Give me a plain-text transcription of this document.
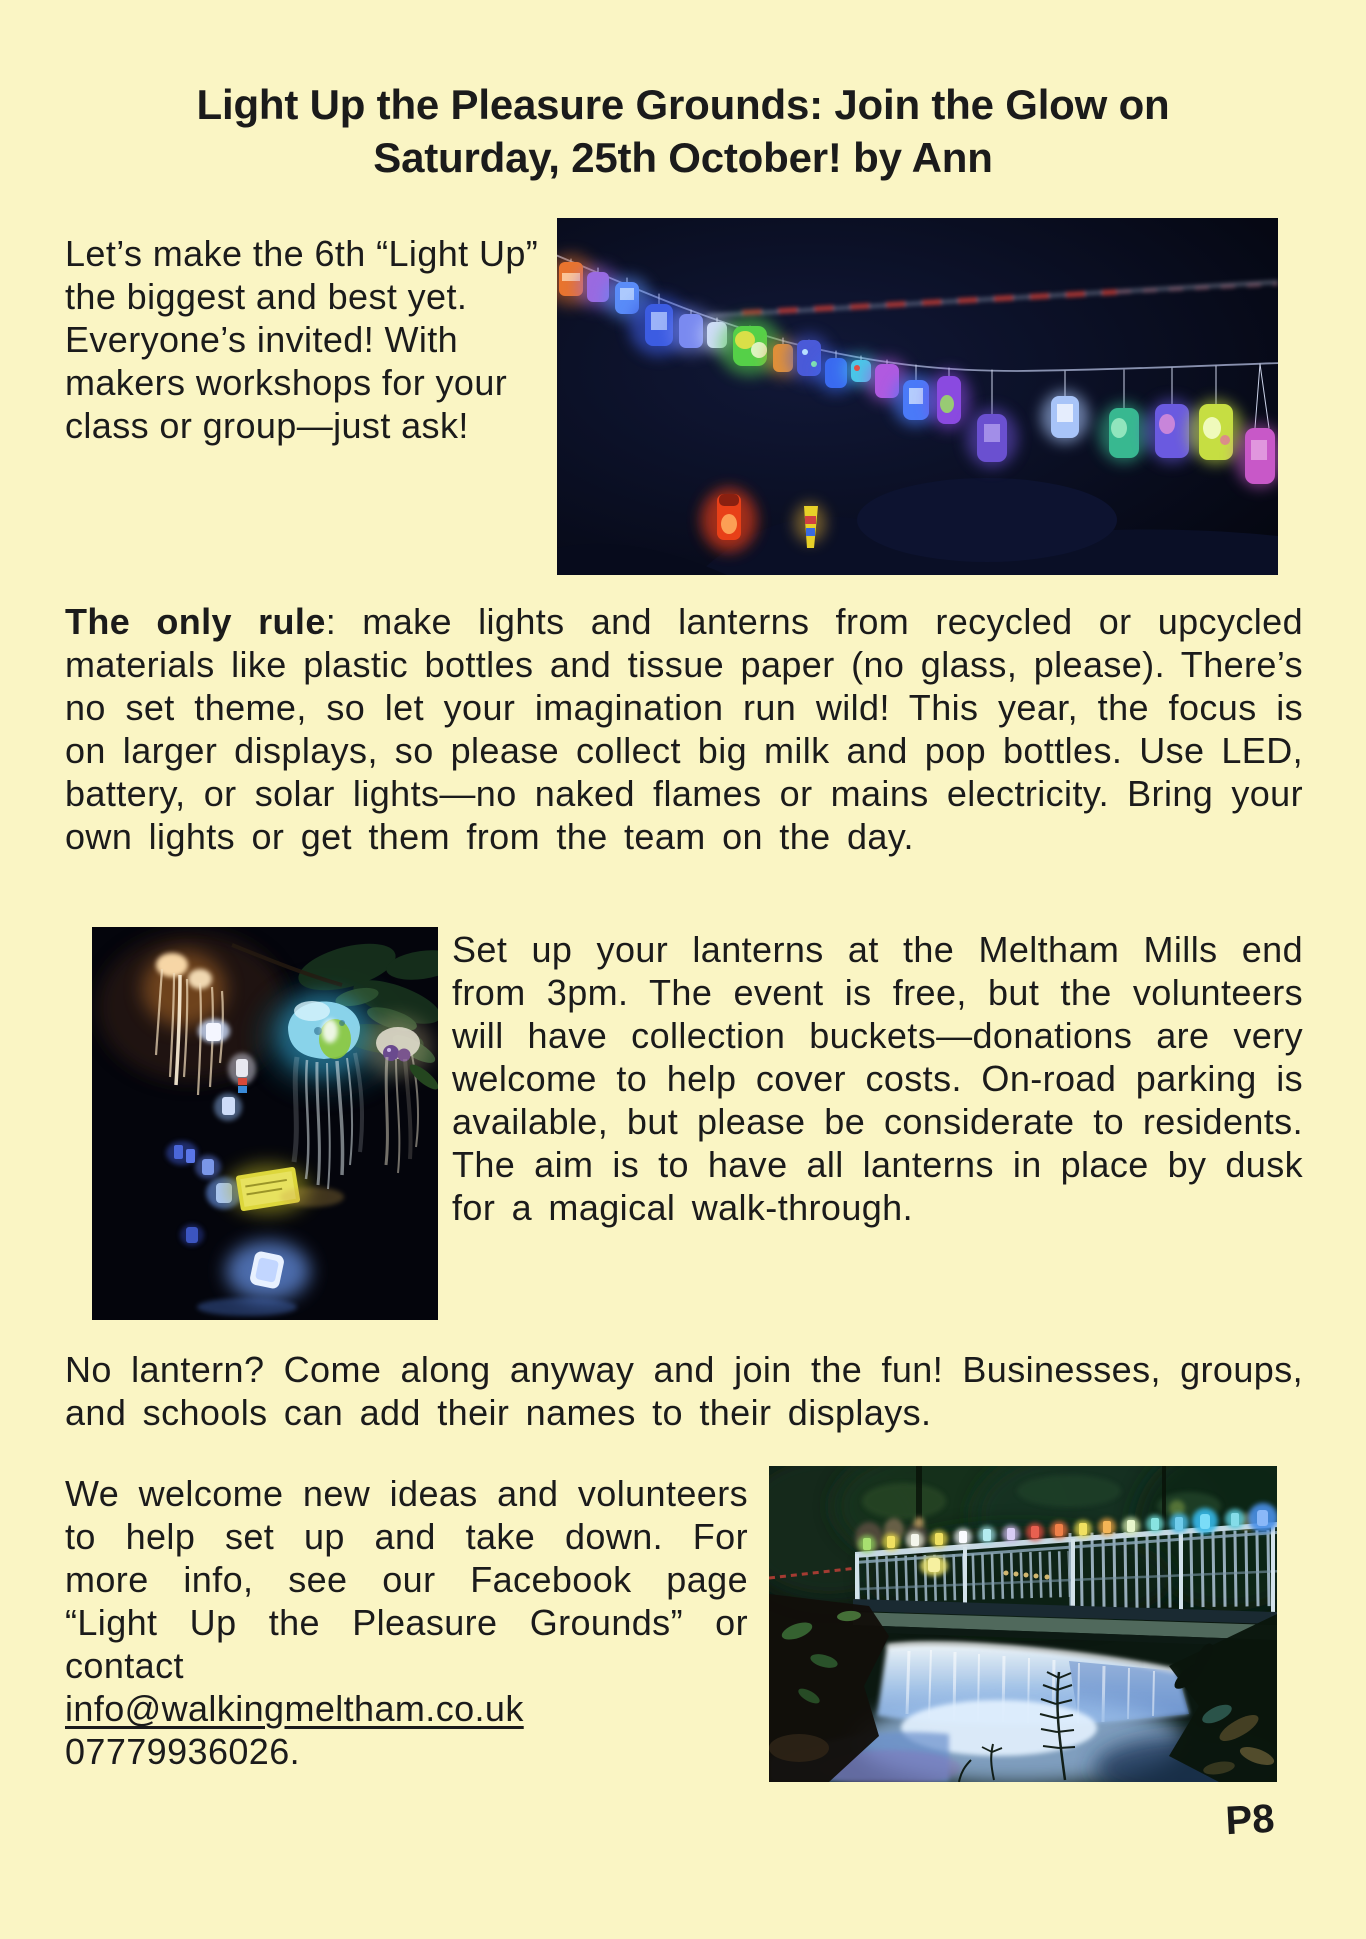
Light Up the Pleasure Grounds: Join the Glow on
Saturday, 25th October! by Ann

Let’s make the 6th “Light Up” the biggest and best yet. Everyone’s invited! With makers workshops for your class or group—just ask!

The only rule: make lights and lanterns from recycled or upcycled materials like plastic bottles and tissue paper (no glass, please). There’s no set theme, so let your imagination run wild! This year, the focus is on larger displays, so please collect big milk and pop bottles. Use LED, battery, or solar lights—no naked flames or mains electricity. Bring your own lights or get them from the team on the day.

Set up your lanterns at the Meltham Mills end from 3pm. The event is free, but the volunteers will have collection buckets—donations are very welcome to help cover costs. On-road parking is available, but please be considerate to residents. The aim is to have all lanterns in place by dusk for a magical walk-through.

No lantern? Come along anyway and join the fun! Businesses, groups, and schools can add their names to their displays.

We welcome new ideas and volunteers to help set up and take down. For more info, see our Facebook page “Light Up the Pleasure Grounds” or contact
info@walkingmeltham.co.uk
07779936026.

P8
